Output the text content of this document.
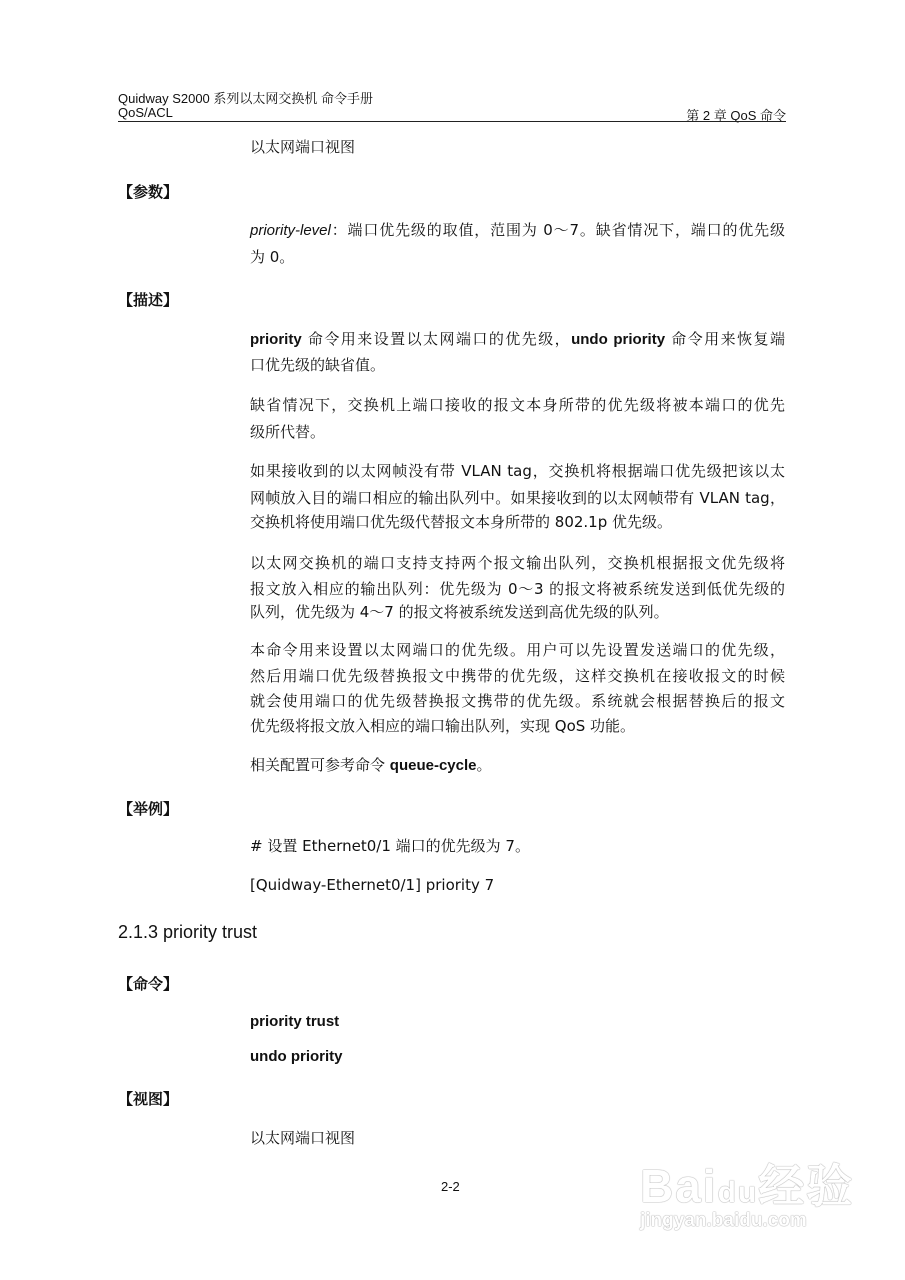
Quidway S2000 系列以太网交换机 命令手册
QoS/ACL	第 2 章 QoS 命令
【参数】
【描述】
【举例】
2.1.3 priority trust
【命令】
【视图】
以太网端口视图
priority-level：端口优先级的取值，范围为 0～7。缺省情况下，端口的优先级
为 0。
priority 命令用来设置以太网端口的优先级，undo priority 命令用来恢复端
口优先级的缺省值。
缺省情况下，交换机上端口接收的报文本身所带的优先级将被本端口的优先
级所代替。
如果接收到的以太网帧没有带 VLAN tag，交换机将根据端口优先级把该以太
网帧放入目的端口相应的输出队列中。如果接收到的以太网帧带有 VLAN tag，
交换机将使用端口优先级代替报文本身所带的 802.1p 优先级。
以太网交换机的端口支持支持两个报文输出队列，交换机根据报文优先级将
报文放入相应的输出队列：优先级为 0～3 的报文将被系统发送到低优先级的
队列，优先级为 4～7 的报文将被系统发送到高优先级的队列。
本命令用来设置以太网端口的优先级。用户可以先设置发送端口的优先级，
然后用端口优先级替换报文中携带的优先级，这样交换机在接收报文的时候
就会使用端口的优先级替换报文携带的优先级。系统就会根据替换后的报文
优先级将报文放入相应的端口输出队列，实现 QoS 功能。
相关配置可参考命令 queue-cycle。
# 设置 Ethernet0/1 端口的优先级为 7。
[Quidway-Ethernet0/1] priority 7
priority trust
undo priority
以太网端口视图
2-2	Baidu经验
jingyan.baidu.com
